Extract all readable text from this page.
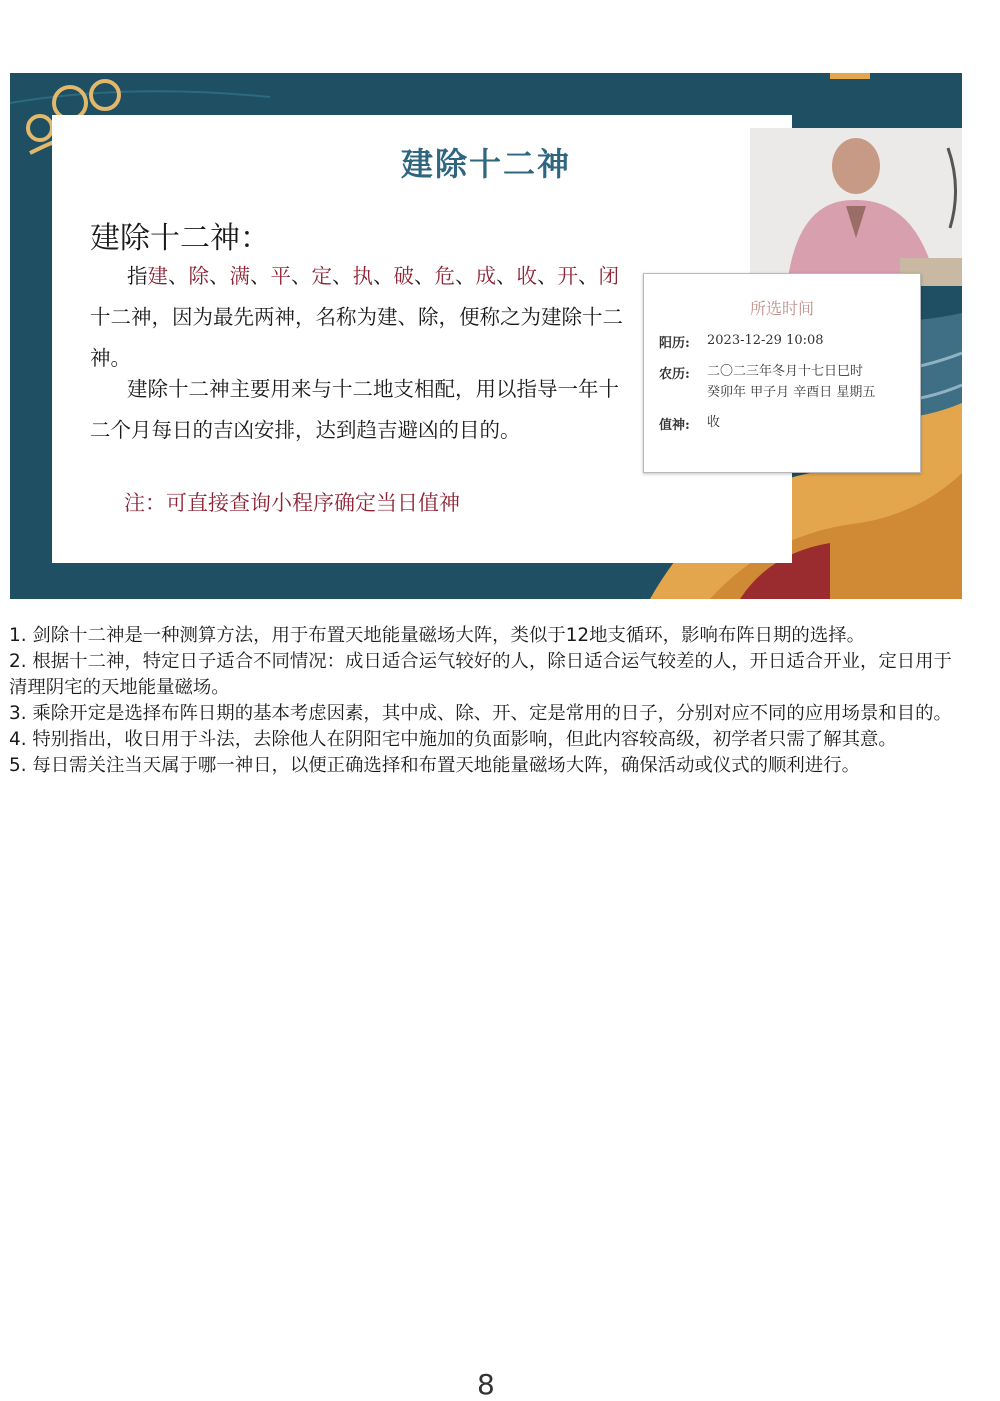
建除十二神
建除十二神：
指建、除、满、平、定、执、破、危、成、收、开、闭十二神，因为最先两神，名称为建、除，便称之为建除十二神。
建除十二神主要用来与十二地支相配，用以指导一年十二个月每日的吉凶安排，达到趋吉避凶的目的。
注：可直接查询小程序确定当日值神
所选时间
阳历: 2023-12-29 10:08
农历: 二〇二三年冬月十七日巳时
癸卯年 甲子月 辛酉日 星期五
值神: 收

1. 剑除十二神是一种测算方法，用于布置天地能量磁场大阵，类似于12地支循环，影响布阵日期的选择。

2. 根据十二神，特定日子适合不同情况：成日适合运气较好的人，除日适合运气较差的人，开日适合开业，定日用于清理阴宅的天地能量磁场。

3. 乘除开定是选择布阵日期的基本考虑因素，其中成、除、开、定是常用的日子，分别对应不同的应用场景和目的。

4. 特别指出，收日用于斗法，去除他人在阴阳宅中施加的负面影响，但此内容较高级，初学者只需了解其意。

5. 每日需关注当天属于哪一神日，以便正确选择和布置天地能量磁场大阵，确保活动或仪式的顺利进行。

8
